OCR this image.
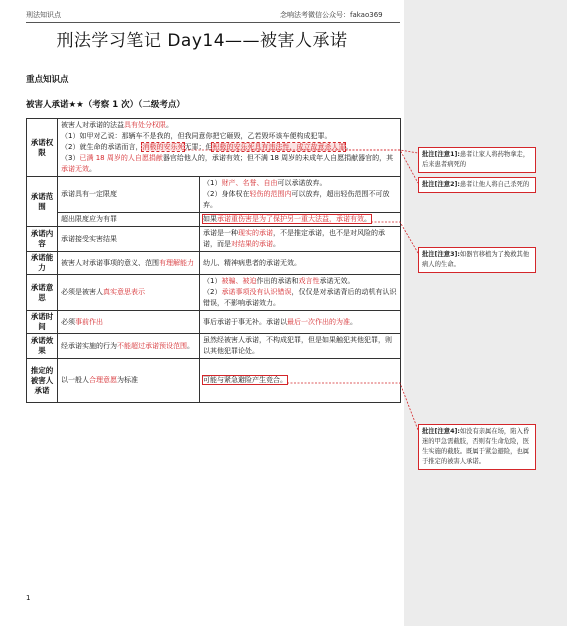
刑法知识点	念响法考微信公众号：fakao369
刑法学习笔记 Day14——被害人承诺
重点知识点
被害人承诺★★（考察 1 次）（二级考点）
承诺权限	被害人对承诺的法益具有处分权限。
（1）如甲对乙说：那辆车不是我的，但我同意你把它砸毁，乙若毁坏该车便构成犯罪。
（2）就生命的承诺而言，消极的安乐死无罪；但积极的安乐死具有违法性，成立故意杀人罪。
（3）已满 18 周岁的人自愿捐献器官给他人的，承诺有效；但不满 18 周岁的未成年人自愿捐献器官的，其承诺无效。	

承诺范围	承诺具有一定限度	（1）财产、名誉、自由可以承诺放弃。
（2）身体权在轻伤的范围内可以放弃，超出轻伤范围不可放弃。

	超出限度应为有罪	如果承诺重伤害是为了保护另一重大法益，承诺有效。
承诺内容	承诺接受实害结果	承诺是一种现实的承诺，不是推定承诺，也不是对风险的承诺，而是对结果的承诺。
承诺能力	被害人对承诺事项的意义、范围有理解能力	幼儿、精神病患者的承诺无效。
承诺意思	必须是被害人真实意思表示	（1）被骗、被迫作出的承诺和戏言性承诺无效。
（2）承诺事项没有认识错误，仅仅是对承诺背后的动机有认识错误，不影响承诺效力。

承诺时间	必须事前作出	事后承诺于事无补。承诺以最后一次作出的为准。
承诺效果	经承诺实施的行为不能超过承诺预设范围。	虽然经被害人承诺，不构成犯罪，但是如果触犯其他犯罪，则以其他犯罪论处。
推定的被害人承诺	以一般人合理意愿为标准	可能与紧急避险产生竞合。
1
批注[注意1]:患者让家人将药物拿走，后来患者病死的
批注[注意2]:患者让他人将自己杀死的
批注[注意3]:如器官移植为了挽救其他病人的生命。
批注[注意4]:如没有亲属在场，陷入昏迷的甲急需截肢，否则有生命危险，医生实施的截肢。既属于紧急避险，也属于推定的被害人承诺。
